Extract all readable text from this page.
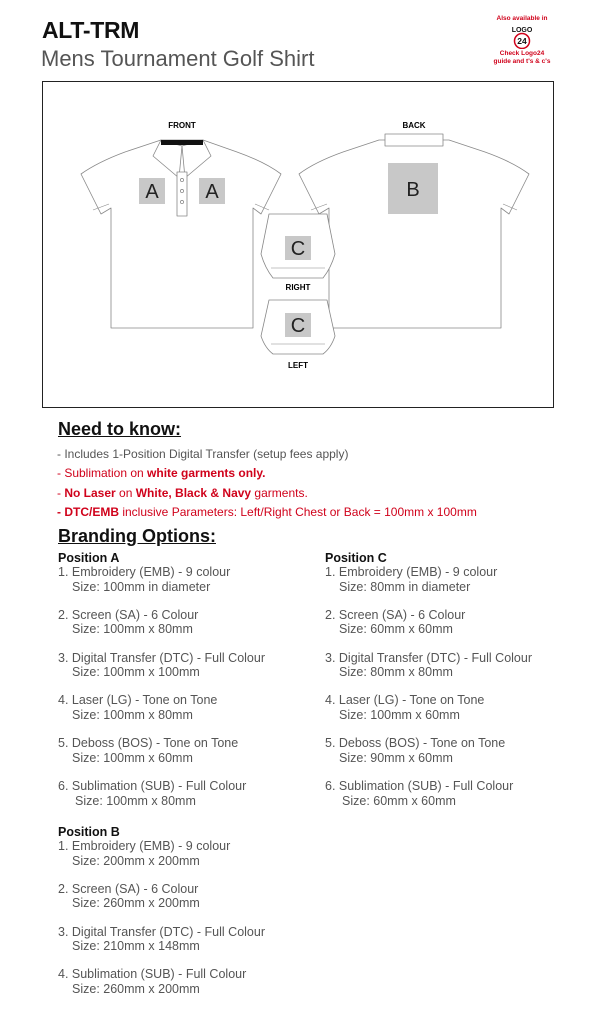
ALT-TRM
Mens Tournament Golf Shirt
Also available in
LOGO
24
Check Logo24
guide and t's & c's
A A	B
C
C
FRONT	BACK
RIGHT
LEFT
Need to know:
- Includes 1-Position Digital Transfer (setup fees apply)
- Sublimation on white garments only.
- No Laser on White, Black & Navy garments.
- DTC/EMB inclusive Parameters: Left/Right Chest or Back = 100mm x 100mm
Branding Options:
Position A
1. Embroidery (EMB) - 9 colour
Size: 100mm in diameter
2. Screen (SA) - 6 Colour
Size: 100mm x 80mm
3. Digital Transfer (DTC) - Full Colour
Size: 100mm x 100mm
4. Laser (LG) - Tone on Tone
Size: 100mm x 80mm
5. Deboss (BOS) - Tone on Tone
Size: 100mm x 60mm
6. Sublimation (SUB) - Full Colour
Size: 100mm x 80mm
Position C
1. Embroidery (EMB) - 9 colour
Size: 80mm in diameter
2. Screen (SA) - 6 Colour
Size: 60mm x 60mm
3. Digital Transfer (DTC) - Full Colour
Size: 80mm x 80mm
4. Laser (LG) - Tone on Tone
Size: 100mm x 60mm
5. Deboss (BOS) - Tone on Tone
Size: 90mm x 60mm
6. Sublimation (SUB) - Full Colour
Size: 60mm x 60mm
Position B
1. Embroidery (EMB) - 9 colour
Size: 200mm x 200mm
2. Screen (SA) - 6 Colour
Size: 260mm x 200mm
3. Digital Transfer (DTC) - Full Colour
Size: 210mm x 148mm
4. Sublimation (SUB) - Full Colour
Size: 260mm x 200mm
